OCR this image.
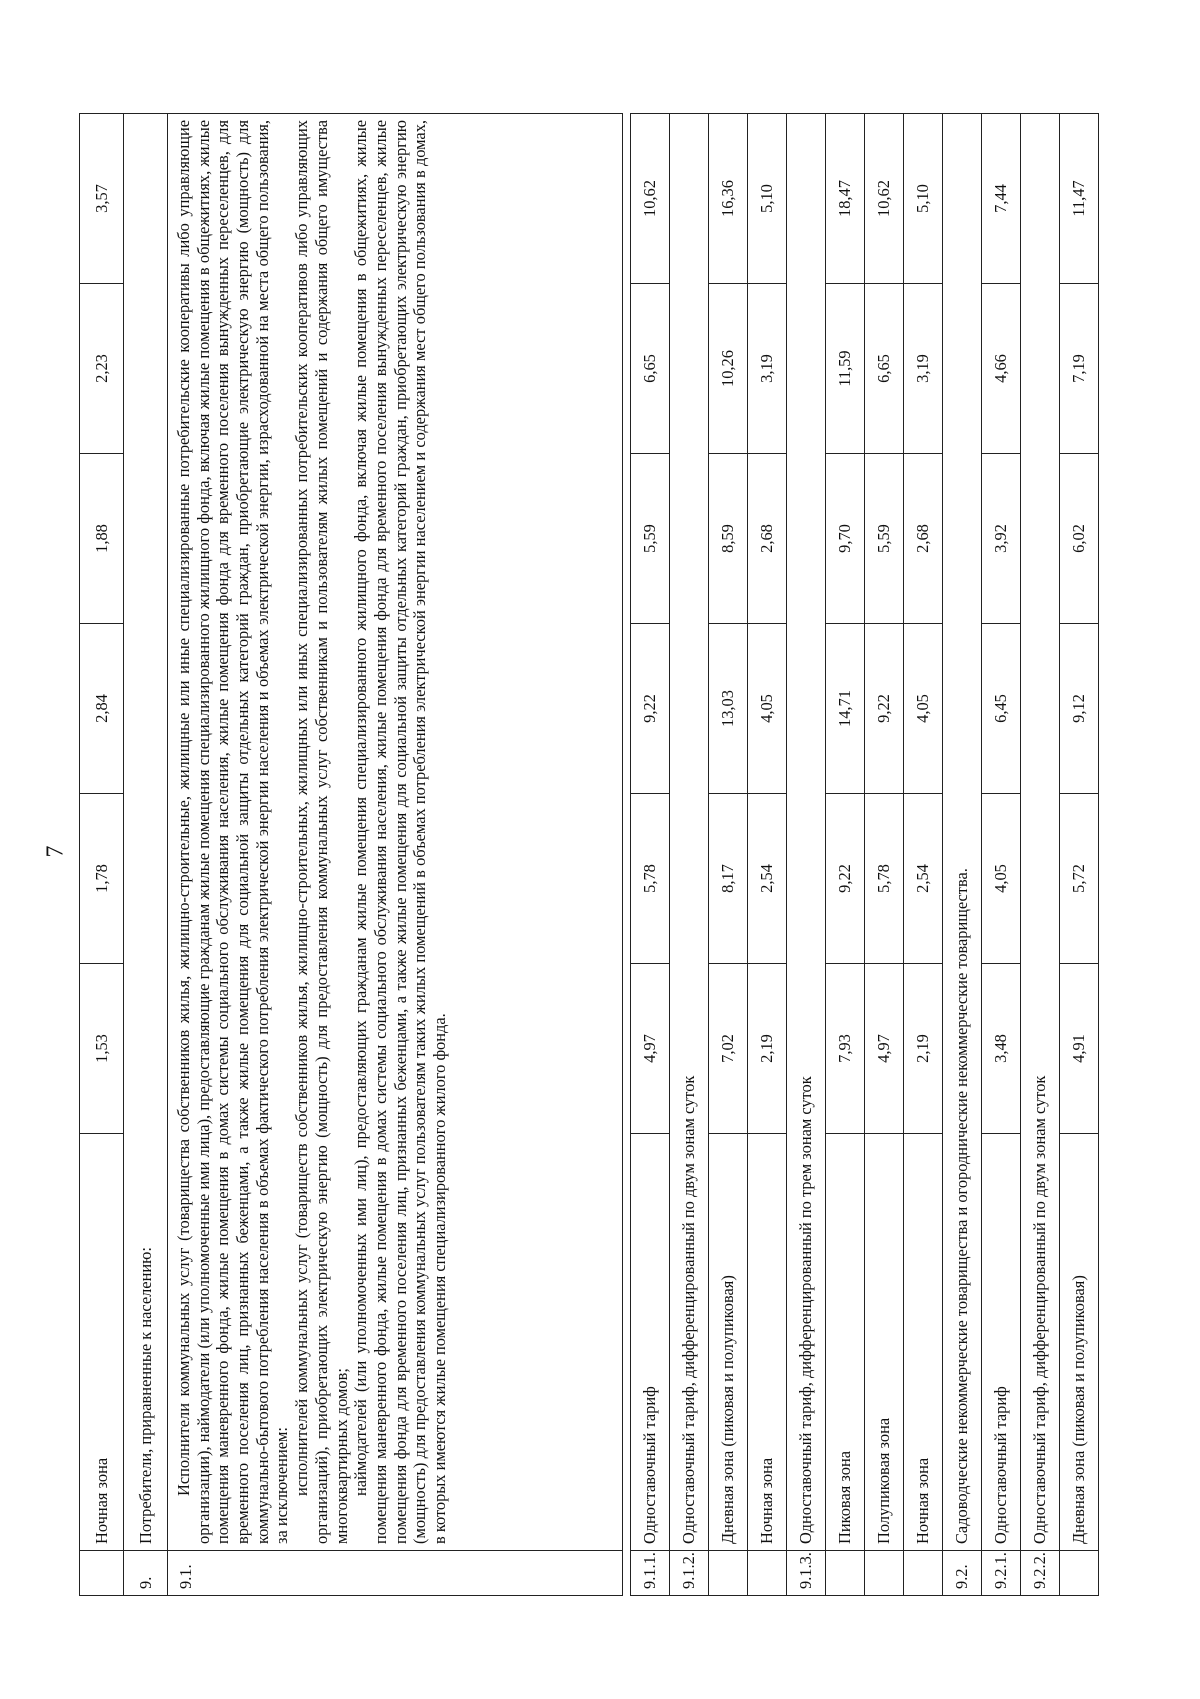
7
	Ночная зона	1,53	1,78	2,84	1,88	2,23	3,57
9.	Потребители, приравненные к населению:						
9.1.	Исполнители коммунальных услуг (товарищества собственников жилья, жилищно-строительные, жилищные или иные специализированные потребительские кооперативы либо управляющие организации), наймодатели (или уполномоченные ими лица), предоставляющие гражданам жилые помещения специализированного жилищного фонда, включая жилые помещения в общежитиях, жилые помещения маневренного фонда, жилые помещения в домах системы социального обслуживания населения, жилые помещения фонда для временного поселения вынужденных переселенцев, для временного поселения лиц, признанных беженцами, а также жилые помещения для социальной защиты отдельных категорий граждан, приобретающие электрическую энергию (мощность) для коммунально-бытового потребления населения в объемах фактического потребления электрической энергии населения и объемах электрической энергии, израсходованной на места общего пользования, за исключением: исполнителей коммунальных услуг (товариществ собственников жилья, жилищно-строительных, жилищных или иных специализированных потребительских кооперативов либо управляющих организаций), приобретающих электрическую энергию (мощность) для предоставления коммунальных услуг собственникам и пользователям жилых помещений и содержания общего имущества многоквартирных домов; наймодателей (или уполномоченных ими лиц), предоставляющих гражданам жилые помещения специализированного жилищного фонда, включая жилые помещения в общежитиях, жилые помещения маневренного фонда, жилые помещения в домах системы социального обслуживания населения, жилые помещения фонда для временного поселения вынужденных переселенцев, жилые помещения фонда для временного поселения лиц, признанных беженцами, а также жилые помещения для социальной защиты отдельных категорий граждан, приобретающих электрическую энергию (мощность) для предоставления коммунальных услуг пользователям таких жилых помещений в объемах потребления электрической энергии населением и содержания мест общего пользования в домах, в которых имеются жилые помещения специализированного жилого фонда.						

9.1.1.	Одноставочный тариф	4,97	5,78	9,22	5,59	6,65	10,62
9.1.2.	Одноставочный тариф, дифференцированный по двум зонам суток						
	Дневная зона (пиковая и полупиковая)	7,02	8,17	13,03	8,59	10,26	16,36
	Ночная зона	2,19	2,54	4,05	2,68	3,19	5,10
9.1.3.	Одноставочный тариф, дифференцированный по трем зонам суток						
	Пиковая зона	7,93	9,22	14,71	9,70	11,59	18,47
	Полупиковая зона	4,97	5,78	9,22	5,59	6,65	10,62
	Ночная зона	2,19	2,54	4,05	2,68	3,19	5,10
9.2.	Садоводческие некоммерческие товарищества и огороднические некоммерческие товарищества.						
9.2.1.	Одноставочный тариф	3,48	4,05	6,45	3,92	4,66	7,44
9.2.2.	Одноставочный тариф, дифференцированный по двум зонам суток						
	Дневная зона (пиковая и полупиковая)	4,91	5,72	9,12	6,02	7,19	11,47
